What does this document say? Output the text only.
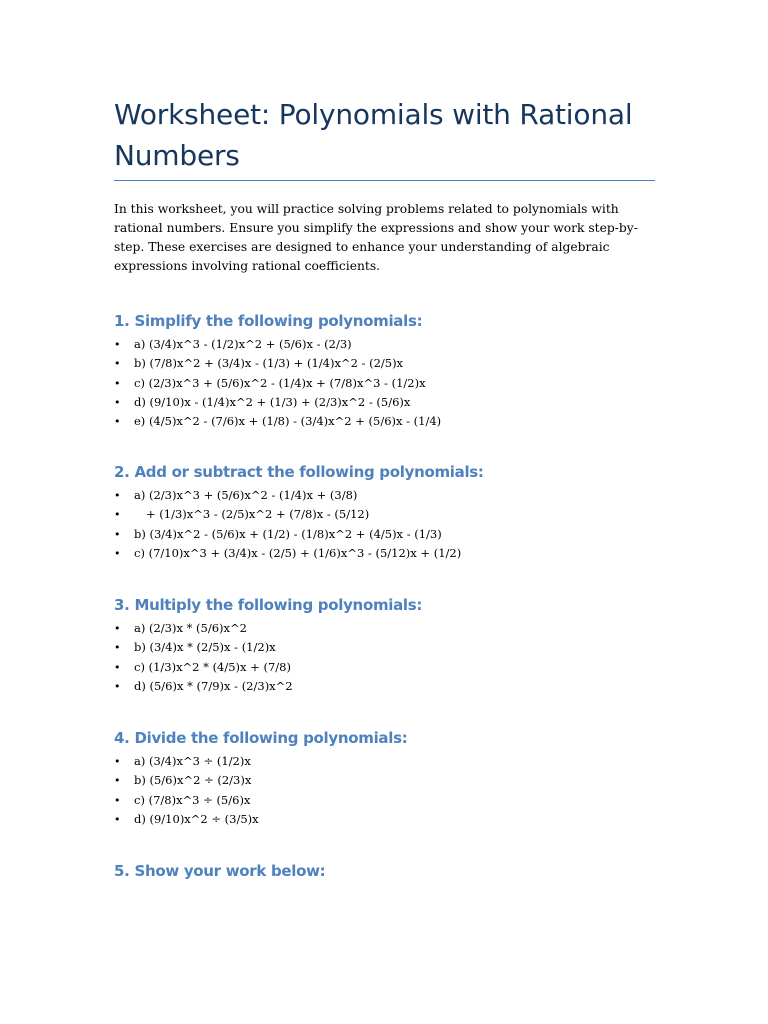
Worksheet: Polynomials with Rational Numbers

In this worksheet, you will practice solving problems related to polynomials with rational numbers. Ensure you simplify the expressions and show your work step-by-step. These exercises are designed to enhance your understanding of algebraic expressions involving rational coefficients.

1. Simplify the following polynomials:
• a) (3/4)x^3 - (1/2)x^2 + (5/6)x - (2/3)
• b) (7/8)x^2 + (3/4)x - (1/3) + (1/4)x^2 - (2/5)x
• c) (2/3)x^3 + (5/6)x^2 - (1/4)x + (7/8)x^3 - (1/2)x
• d) (9/10)x - (1/4)x^2 + (1/3) + (2/3)x^2 - (5/6)x
• e) (4/5)x^2 - (7/6)x + (1/8) - (3/4)x^2 + (5/6)x - (1/4)
2. Add or subtract the following polynomials:
• a) (2/3)x^3 + (5/6)x^2 - (1/4)x + (3/8)
• + (1/3)x^3 - (2/5)x^2 + (7/8)x - (5/12)
• b) (3/4)x^2 - (5/6)x + (1/2) - (1/8)x^2 + (4/5)x - (1/3)
• c) (7/10)x^3 + (3/4)x - (2/5) + (1/6)x^3 - (5/12)x + (1/2)
3. Multiply the following polynomials:
• a) (2/3)x * (5/6)x^2
• b) (3/4)x * (2/5)x - (1/2)x
• c) (1/3)x^2 * (4/5)x + (7/8)
• d) (5/6)x * (7/9)x - (2/3)x^2
4. Divide the following polynomials:
• a) (3/4)x^3 ÷ (1/2)x
• b) (5/6)x^2 ÷ (2/3)x
• c) (7/8)x^3 ÷ (5/6)x
• d) (9/10)x^2 ÷ (3/5)x
5. Show your work below:
